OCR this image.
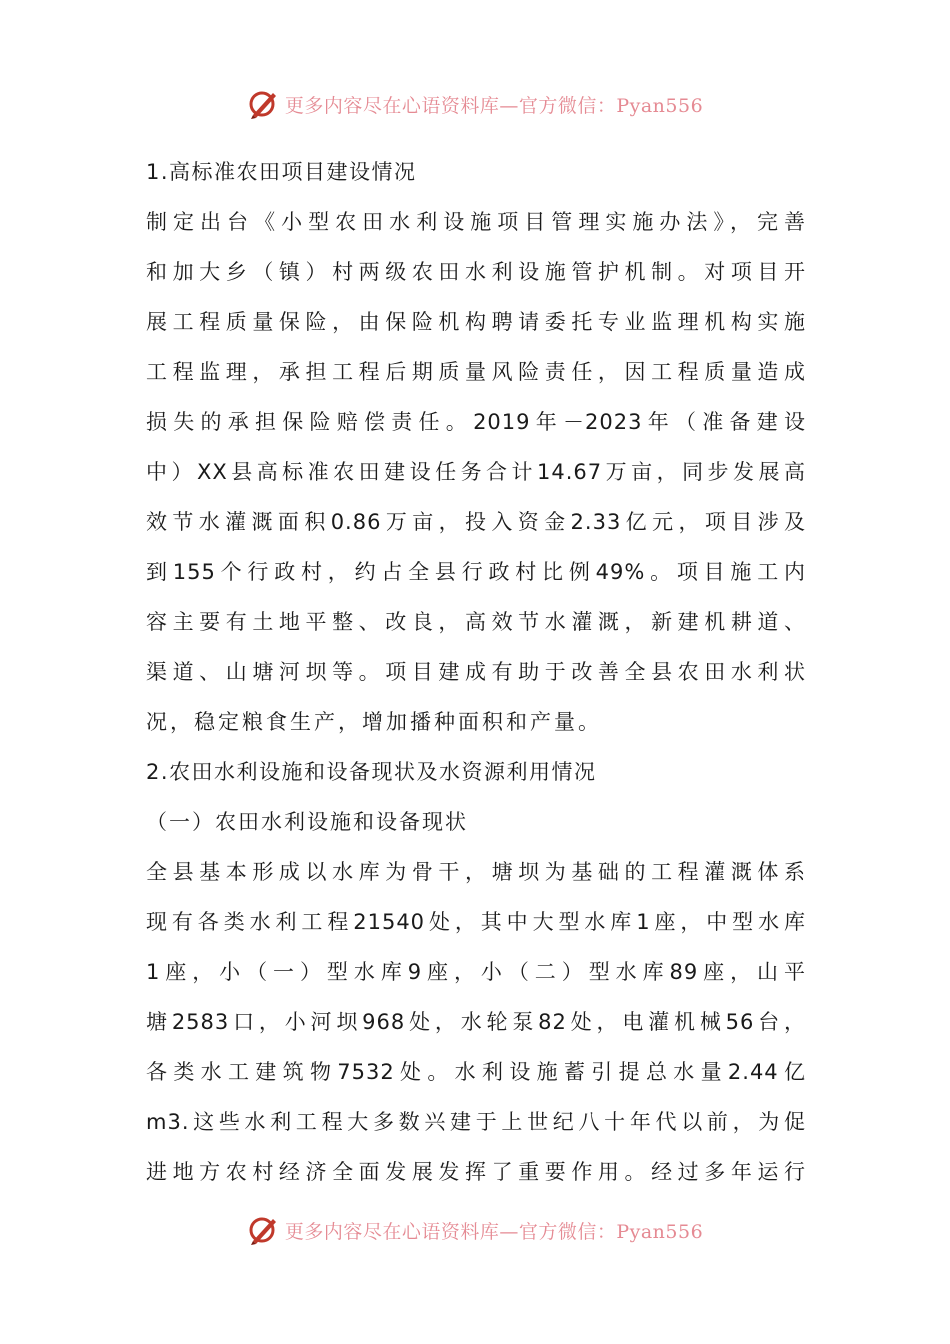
更多内容尽在心语资料库—官方微信：Pyan556
1.高标准农田项目建设情况
制定出台《小型农田水利设施项目管理实施办法》，完善
和加大乡（镇）村两级农田水利设施管护机制。对项目开
展工程质量保险，由保险机构聘请委托专业监理机构实施
工程监理，承担工程后期质量风险责任，因工程质量造成
损失的承担保险赔偿责任。2019年－2023年（准备建设
中）XX县高标准农田建设任务合计14.67万亩，同步发展高
效节水灌溉面积0.86万亩，投入资金2.33亿元，项目涉及
到155个行政村，约占全县行政村比例49%。项目施工内
容主要有土地平整、改良，高效节水灌溉，新建机耕道、
渠道、山塘河坝等。项目建成有助于改善全县农田水利状
况，稳定粮食生产，增加播种面积和产量。
2.农田水利设施和设备现状及水资源利用情况
（一）农田水利设施和设备现状
全县基本形成以水库为骨干，塘坝为基础的工程灌溉体系
现有各类水利工程21540处，其中大型水库1座，中型水库
1座，小（一）型水库9座，小（二）型水库89座，山平
塘2583口，小河坝968处，水轮泵82处，电灌机械56台，
各类水工建筑物7532处。水利设施蓄引提总水量2.44亿
m3.这些水利工程大多数兴建于上世纪八十年代以前，为促
进地方农村经济全面发展发挥了重要作用。经过多年运行
更多内容尽在心语资料库—官方微信：Pyan556
